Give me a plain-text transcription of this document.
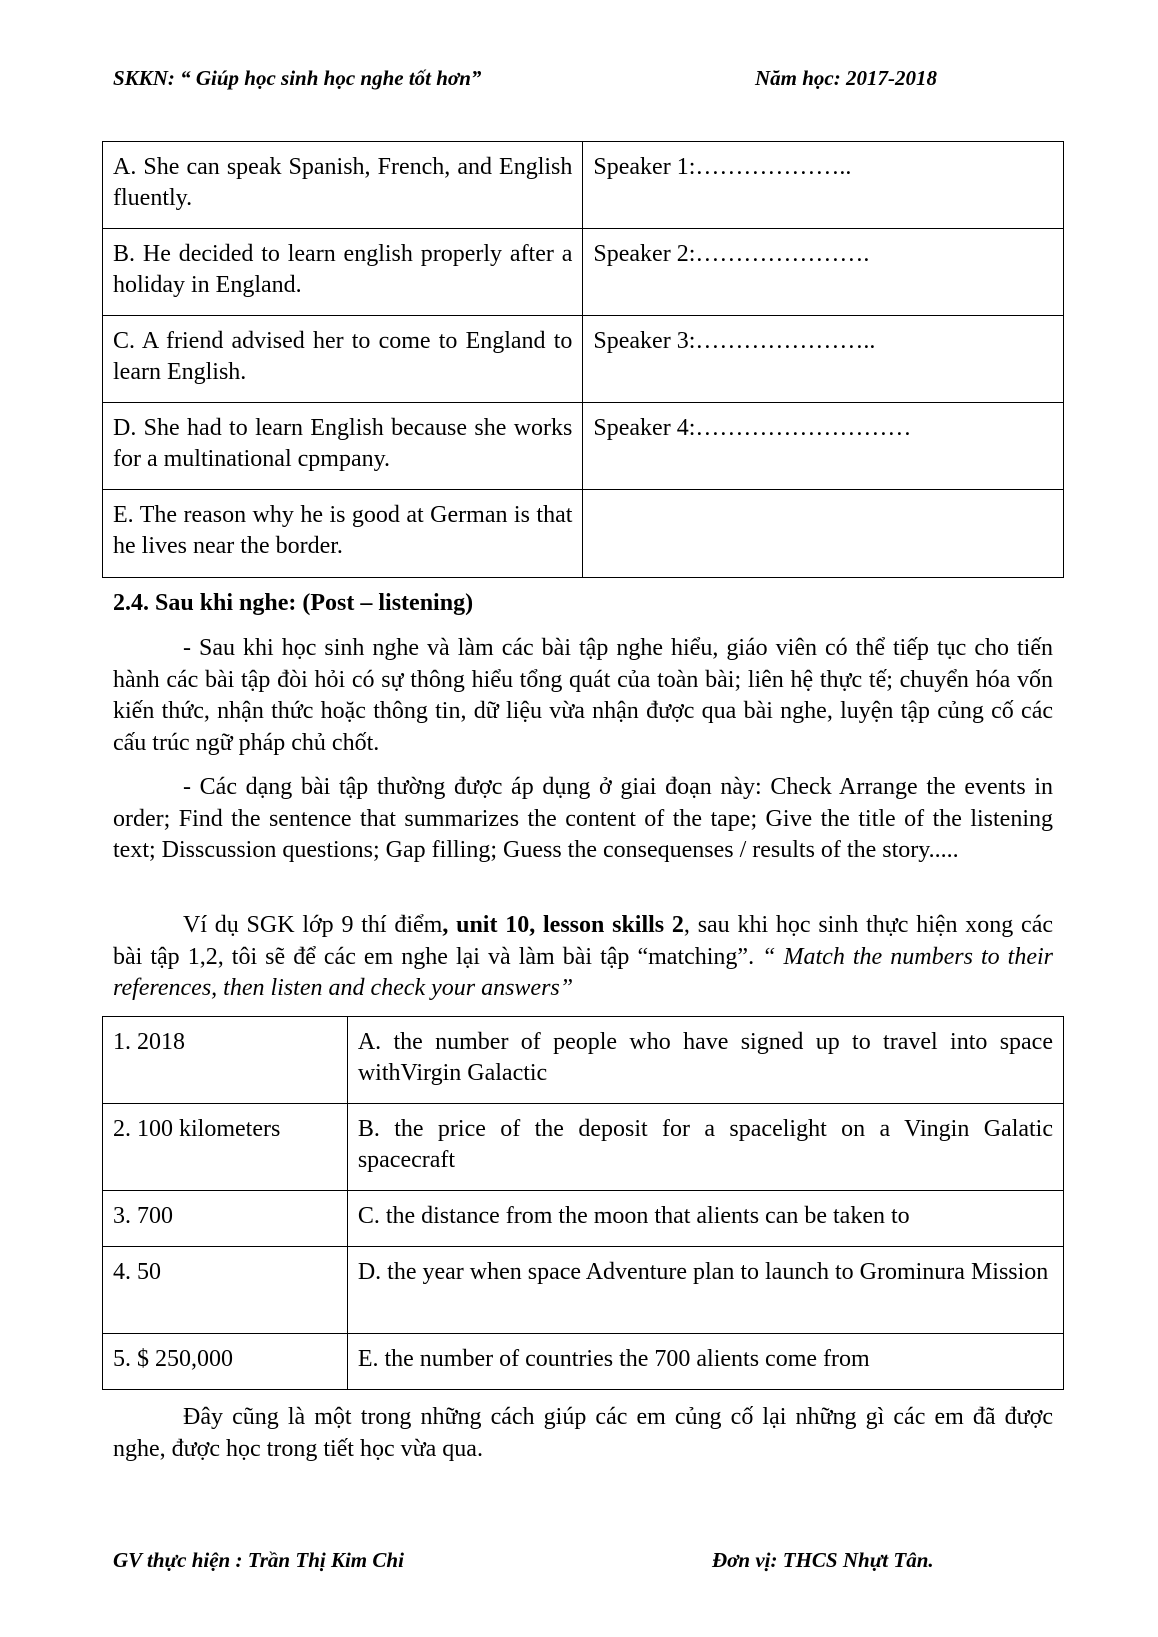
SKKN: “ Giúp học sinh học nghe tốt hơn”	Năm học: 2017-2018
A. She can speak Spanish, French, and English fluently.	Speaker 1:………………..
B. He decided to learn english properly after a holiday in England.	Speaker 2:………………….
C. A friend advised her to come to England to learn English.	Speaker 3:…………………..
D. She had to learn English because she works for a multinational cpmpany.	Speaker 4:………………………
E. The reason why he is good at German is that he lives near the border.	
2.4. Sau khi nghe: (Post – listening)

- Sau khi học sinh nghe và làm các bài tập nghe hiểu, giáo viên có thể tiếp tục cho tiến hành các bài tập đòi hỏi có sự thông hiểu tổng quát của toàn bài; liên hệ thực tế; chuyển hóa vốn kiến thức, nhận thức hoặc thông tin, dữ liệu vừa nhận được qua bài nghe, luyện tập củng cố các cấu trúc ngữ pháp chủ chốt.

- Các dạng bài tập thường được áp dụng ở giai đoạn này: Check Arrange the events in order; Find the sentence that summarizes the content of the tape; Give the title of the listening text; Disscussion questions; Gap filling; Guess the consequenses / results of the story.....

Ví dụ SGK lớp 9 thí điểm, unit 10, lesson skills 2, sau khi học sinh thực hiện xong các bài tập 1,2, tôi sẽ để các em nghe lại và làm bài tập “matching”. “ Match the numbers to their references, then listen and check your answers”

1. 2018	A. the number of people who have signed up to travel into space withVirgin Galactic
2. 100 kilometers	B. the price of the deposit for a spacelight on a Vingin Galatic spacecraft
3. 700	C. the distance from the moon that alients can be taken to
4. 50	D. the year when space Adventure plan to launch to Grominura Mission
5. $ 250,000	E. the number of countries the 700 alients come from

Đây cũng là một trong những cách giúp các em củng cố lại những gì các em đã được nghe, được học trong tiết học vừa qua.

GV thực hiện : Trần Thị Kim Chi	Đơn vị: THCS Nhựt Tân.
